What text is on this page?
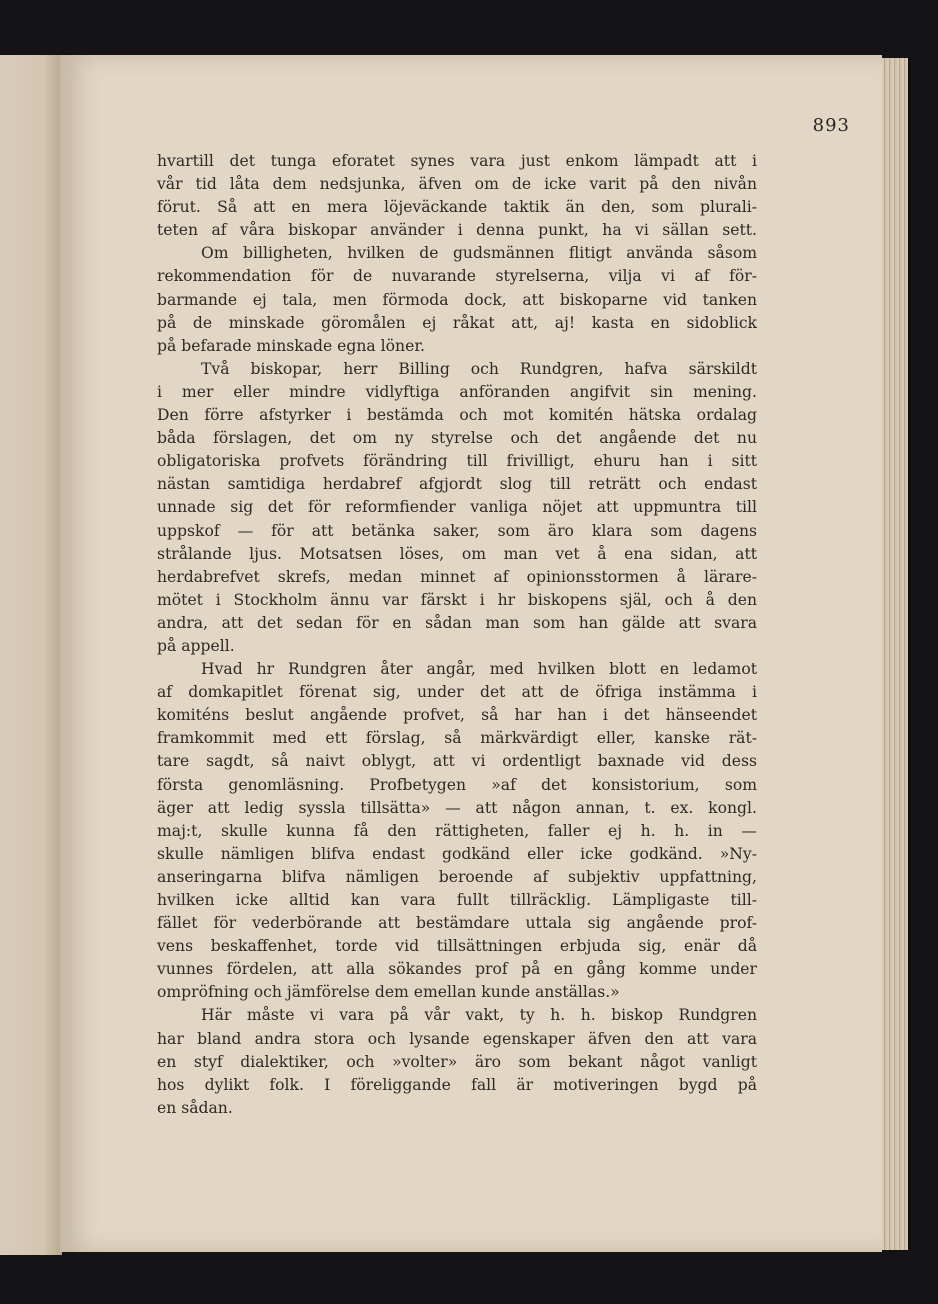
893
hvartill det tunga eforatet synes vara just enkom lämpadt att i
vår tid låta dem nedsjunka, äfven om de icke varit på den nivån
förut. Så att en mera löjeväckande taktik än den, som plurali-
teten af våra biskopar använder i denna punkt, ha vi sällan sett.
Om billigheten, hvilken de gudsmännen flitigt använda såsom
rekommendation för de nuvarande styrelserna, vilja vi af för-
barmande ej tala, men förmoda dock, att biskoparne vid tanken
på de minskade göromålen ej råkat att, aj! kasta en sidoblick
på befarade minskade egna löner.
Två biskopar, herr Billing och Rundgren, hafva särskildt
i mer eller mindre vidlyftiga anföranden angifvit sin mening.
Den förre afstyrker i bestämda och mot komitén hätska ordalag
båda förslagen, det om ny styrelse och det angående det nu
obligatoriska profvets förändring till frivilligt, ehuru han i sitt
nästan samtidiga herdabref afgjordt slog till reträtt och endast
unnade sig det för reformfiender vanliga nöjet att uppmuntra till
uppskof — för att betänka saker, som äro klara som dagens
strålande ljus. Motsatsen löses, om man vet å ena sidan, att
herdabrefvet skrefs, medan minnet af opinionsstormen å lärare-
mötet i Stockholm ännu var färskt i hr biskopens själ, och å den
andra, att det sedan för en sådan man som han gälde att svara
på appell.
Hvad hr Rundgren åter angår, med hvilken blott en ledamot
af domkapitlet förenat sig, under det att de öfriga instämma i
komiténs beslut angående profvet, så har han i det hänseendet
framkommit med ett förslag, så märkvärdigt eller, kanske rät-
tare sagdt, så naivt oblygt, att vi ordentligt baxnade vid dess
första genomläsning. Profbetygen »af det konsistorium, som
äger att ledig syssla tillsätta» — att någon annan, t. ex. kongl.
maj:t, skulle kunna få den rättigheten, faller ej h. h. in —
skulle nämligen blifva endast godkänd eller icke godkänd. »Ny-
anseringarna blifva nämligen beroende af subjektiv uppfattning,
hvilken icke alltid kan vara fullt tillräcklig. Lämpligaste till-
fället för vederbörande att bestämdare uttala sig angående prof-
vens beskaffenhet, torde vid tillsättningen erbjuda sig, enär då
vunnes fördelen, att alla sökandes prof på en gång komme under
ompröfning och jämförelse dem emellan kunde anställas.»
Här måste vi vara på vår vakt, ty h. h. biskop Rundgren
har bland andra stora och lysande egenskaper äfven den att vara
en styf dialektiker, och »volter» äro som bekant något vanligt
hos dylikt folk. I föreliggande fall är motiveringen bygd på
en sådan.
